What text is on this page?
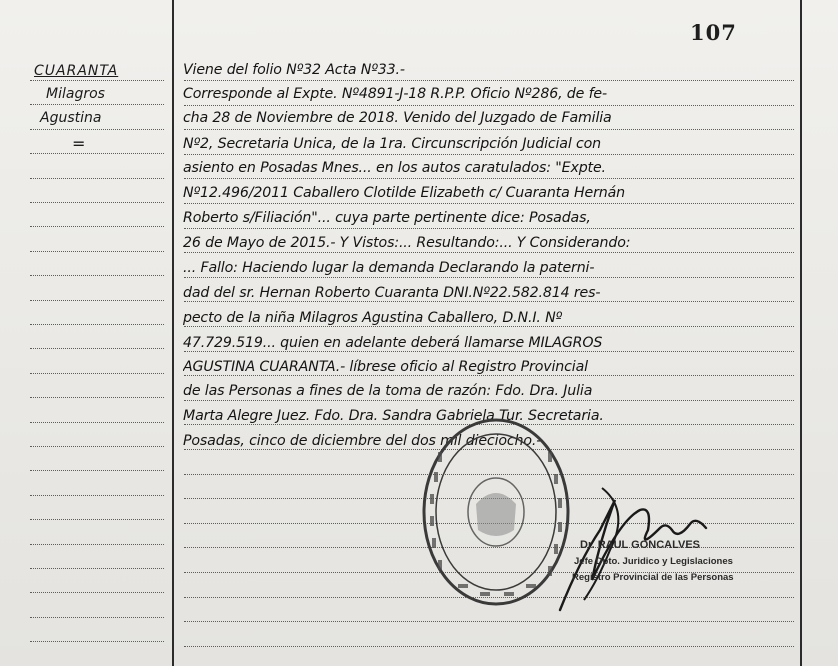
107
CUARANTA
Milagros
Agustina
=
Viene del folio Nº32 Acta Nº33.-
Corresponde al Expte. Nº4891-J-18 R.P.P. Oficio Nº286, de fe-
cha 28 de Noviembre de 2018. Venido del Juzgado de Familia
Nº2, Secretaria Unica, de la 1ra. Circunscripción Judicial con
asiento en Posadas Mnes... en los autos caratulados: "Expte.
Nº12.496/2011 Caballero Clotilde Elizabeth c/ Cuaranta Hernán
Roberto s/Filiación"... cuya parte pertinente dice: Posadas,
26 de Mayo de 2015.- Y Vistos:... Resultando:... Y Considerando:
... Fallo: Haciendo lugar la demanda Declarando la paterni-
dad del sr. Hernan Roberto Cuaranta DNI.Nº22.582.814 res-
pecto de la niña Milagros Agustina Caballero, D.N.I. Nº
47.729.519... quien en adelante deberá llamarse MILAGROS
AGUSTINA CUARANTA.- líbrese oficio al Registro Provincial
de las Personas a fines de la toma de razón: Fdo. Dra. Julia
Marta Alegre Juez. Fdo. Dra. Sandra Gabriela Tur. Secretaria.
Posadas, cinco de diciembre del dos mil dieciocho.-
Dr. RAUL GONCALVES
Jefe Dpto. Juridico y Legislaciones
Registro Provincial de las Personas
